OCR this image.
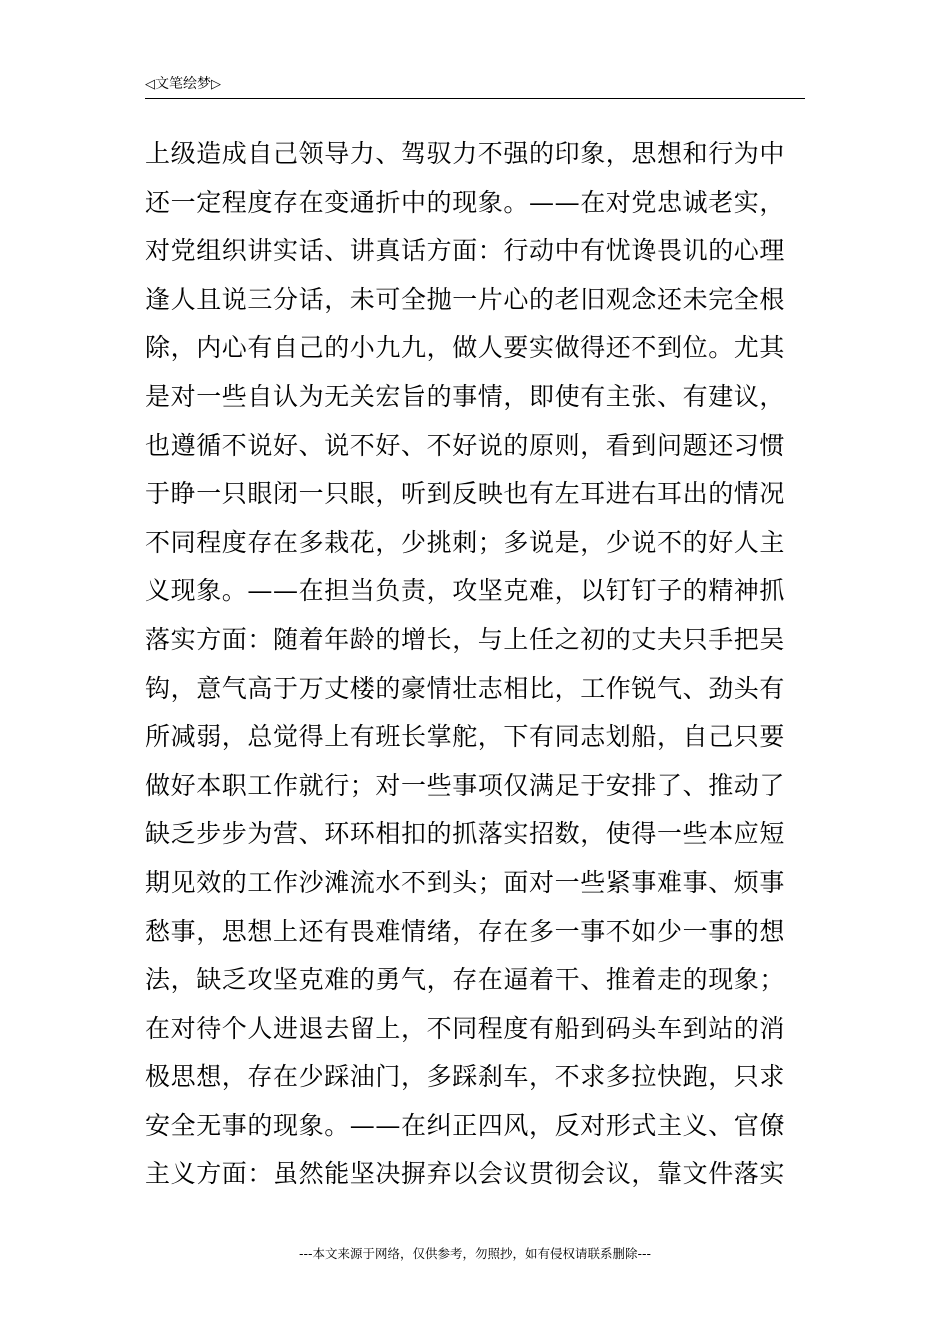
◁文笔绘梦▷
上级造成自己领导力、驾驭力不强的印象，思想和行为中
还一定程度存在变通折中的现象。——在对党忠诚老实，
对党组织讲实话、讲真话方面：行动中有忧谗畏讥的心理
逢人且说三分话，未可全抛一片心的老旧观念还未完全根
除，内心有自己的小九九，做人要实做得还不到位。尤其
是对一些自认为无关宏旨的事情，即使有主张、有建议，
也遵循不说好、说不好、不好说的原则，看到问题还习惯
于睁一只眼闭一只眼，听到反映也有左耳进右耳出的情况
不同程度存在多栽花，少挑刺；多说是，少说不的好人主
义现象。——在担当负责，攻坚克难，以钉钉子的精神抓
落实方面：随着年龄的增长，与上任之初的丈夫只手把吴
钩，意气高于万丈楼的豪情壮志相比，工作锐气、劲头有
所减弱，总觉得上有班长掌舵，下有同志划船，自己只要
做好本职工作就行；对一些事项仅满足于安排了、推动了
缺乏步步为营、环环相扣的抓落实招数，使得一些本应短
期见效的工作沙滩流水不到头；面对一些紧事难事、烦事
愁事，思想上还有畏难情绪，存在多一事不如少一事的想
法，缺乏攻坚克难的勇气，存在逼着干、推着走的现象；
在对待个人进退去留上，不同程度有船到码头车到站的消
极思想，存在少踩油门，多踩刹车，不求多拉快跑，只求
安全无事的现象。——在纠正四风，反对形式主义、官僚
主义方面：虽然能坚决摒弃以会议贯彻会议，靠文件落实
---本文来源于网络，仅供参考，勿照抄，如有侵权请联系删除---
